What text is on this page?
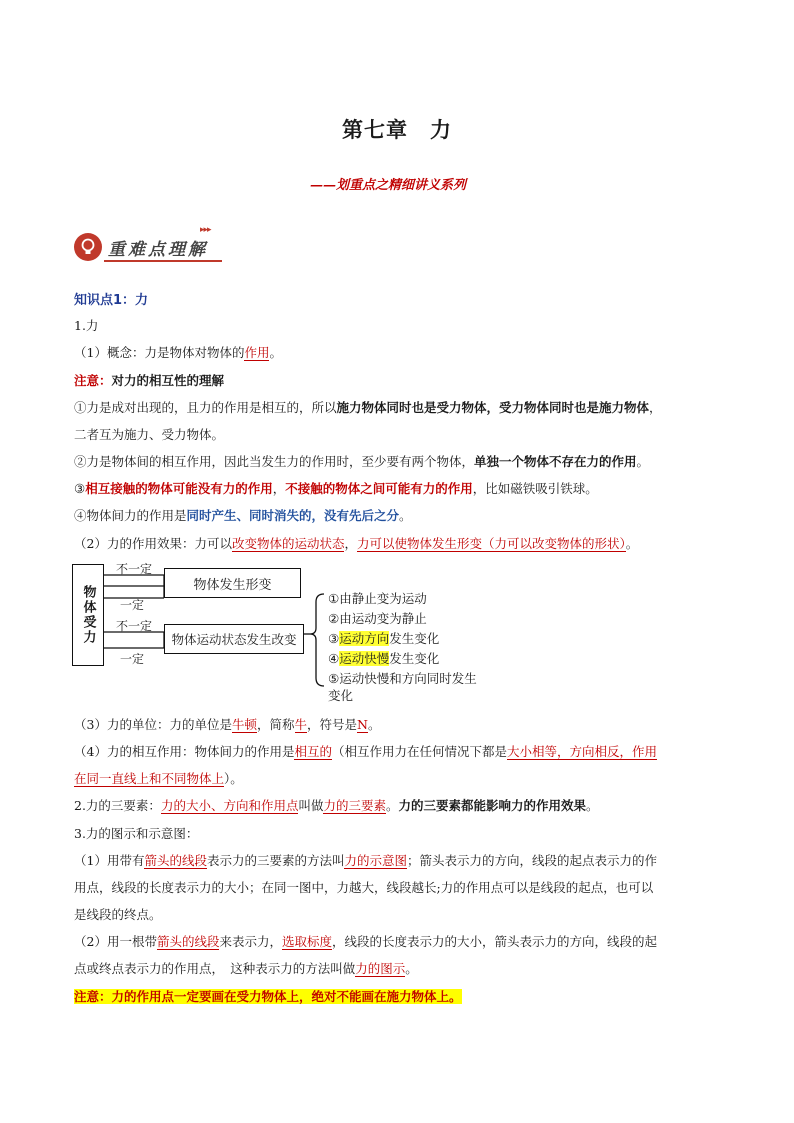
第七章　力
——划重点之精细讲义系列
重难点理解
▸▸▸
知识点1：力
1.力
（1）概念：力是物体对物体的作用。
注意：对力的相互性的理解
①力是成对出现的，且力的作用是相互的，所以施力物体同时也是受力物体，受力物体同时也是施力物体，
二者互为施力、受力物体。
②力是物体间的相互作用，因此当发生力的作用时，至少要有两个物体，单独一个物体不存在力的作用。
③相互接触的物体可能没有力的作用，不接触的物体之间可能有力的作用，比如磁铁吸引铁球。
④物体间力的作用是同时产生、同时消失的，没有先后之分。
（2）力的作用效果：力可以改变物体的运动状态，力可以使物体发生形变（力可以改变物体的形状）。
物体受力	物体发生形变
物体运动状态发生改变
不一定
一定
不一定
一定
①由静止变为运动
②由运动变为静止
③运动方向发生变化
④运动快慢发生变化
⑤运动快慢和方向同时发生
变化
（3）力的单位：力的单位是牛顿，简称牛，符号是N。
（4）力的相互作用：物体间力的作用是相互的（相互作用力在任何情况下都是大小相等，方向相反，作用
在同一直线上和不同物体上）。
2.力的三要素：力的大小、方向和作用点叫做力的三要素。力的三要素都能影响力的作用效果。
3.力的图示和示意图：
（1）用带有箭头的线段表示力的三要素的方法叫力的示意图；箭头表示力的方向，线段的起点表示力的作
用点，线段的长度表示力的大小；在同一图中，力越大，线段越长;力的作用点可以是线段的起点，也可以
是线段的终点。
（2）用一根带箭头的线段来表示力，选取标度，线段的长度表示力的大小，箭头表示力的方向，线段的起
点或终点表示力的作用点，　这种表示力的方法叫做力的图示。
注意：力的作用点一定要画在受力物体上，绝对不能画在施力物体上。
